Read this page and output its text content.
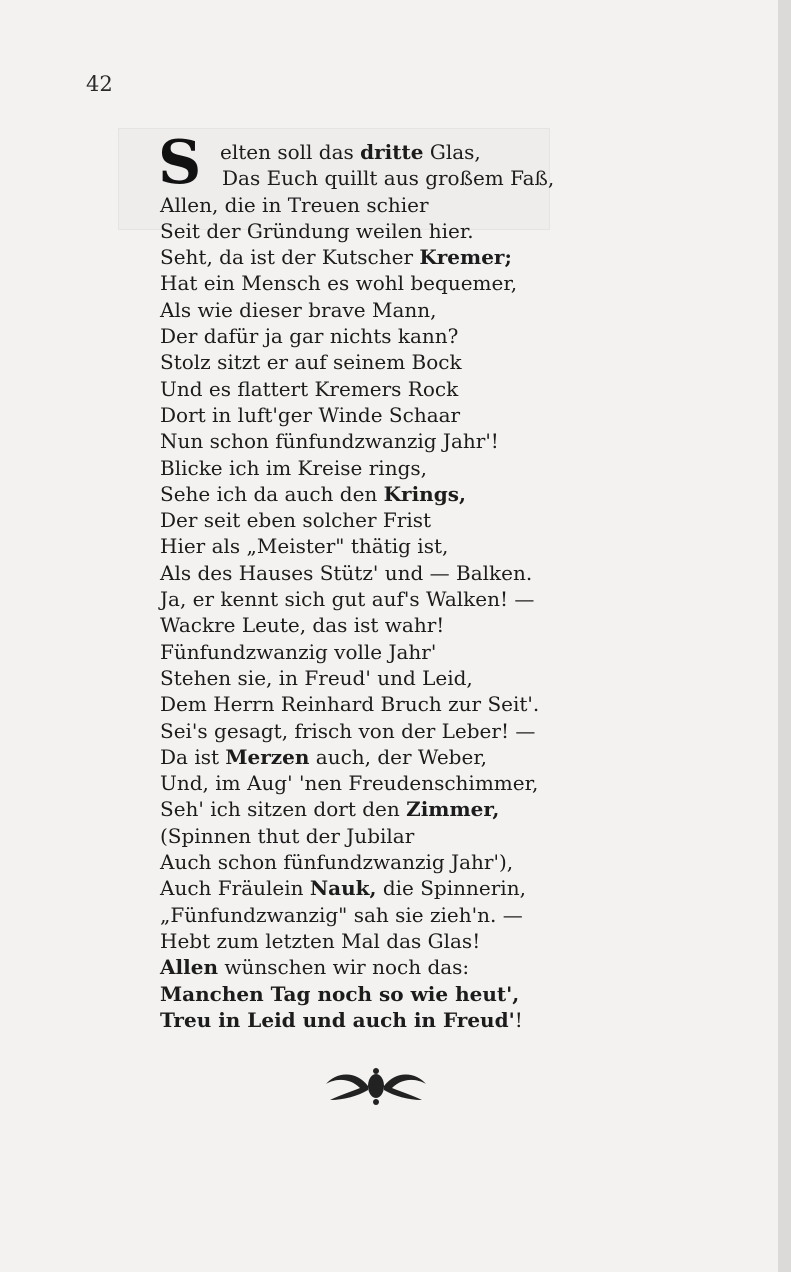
42
S elten soll das dritte Glas,
Das Euch quillt aus großem Faß,
Allen, die in Treuen schier
Seit der Gründung weilen hier.
Seht, da ist der Kutscher Kremer;
Hat ein Mensch es wohl bequemer,
Als wie dieser brave Mann,
Der dafür ja gar nichts kann?
Stolz sitzt er auf seinem Bock
Und es flattert Kremers Rock
Dort in luft'ger Winde Schaar
Nun schon fünfundzwanzig Jahr'!
Blicke ich im Kreise rings,
Sehe ich da auch den Krings,
Der seit eben solcher Frist
Hier als „Meister" thätig ist,
Als des Hauses Stütz' und — Balken.
Ja, er kennt sich gut auf's Walken! —
Wackre Leute, das ist wahr!
Fünfundzwanzig volle Jahr'
Stehen sie, in Freud' und Leid,
Dem Herrn Reinhard Bruch zur Seit'.
Sei's gesagt, frisch von der Leber! —
Da ist Merzen auch, der Weber,
Und, im Aug' 'nen Freudenschimmer,
Seh' ich sitzen dort den Zimmer,
(Spinnen thut der Jubilar
Auch schon fünfundzwanzig Jahr'),
Auch Fräulein Nauk, die Spinnerin,
„Fünfundzwanzig" sah sie zieh'n. —
Hebt zum letzten Mal das Glas!
Allen wünschen wir noch das:
Manchen Tag noch so wie heut',
Treu in Leid und auch in Freud'!
